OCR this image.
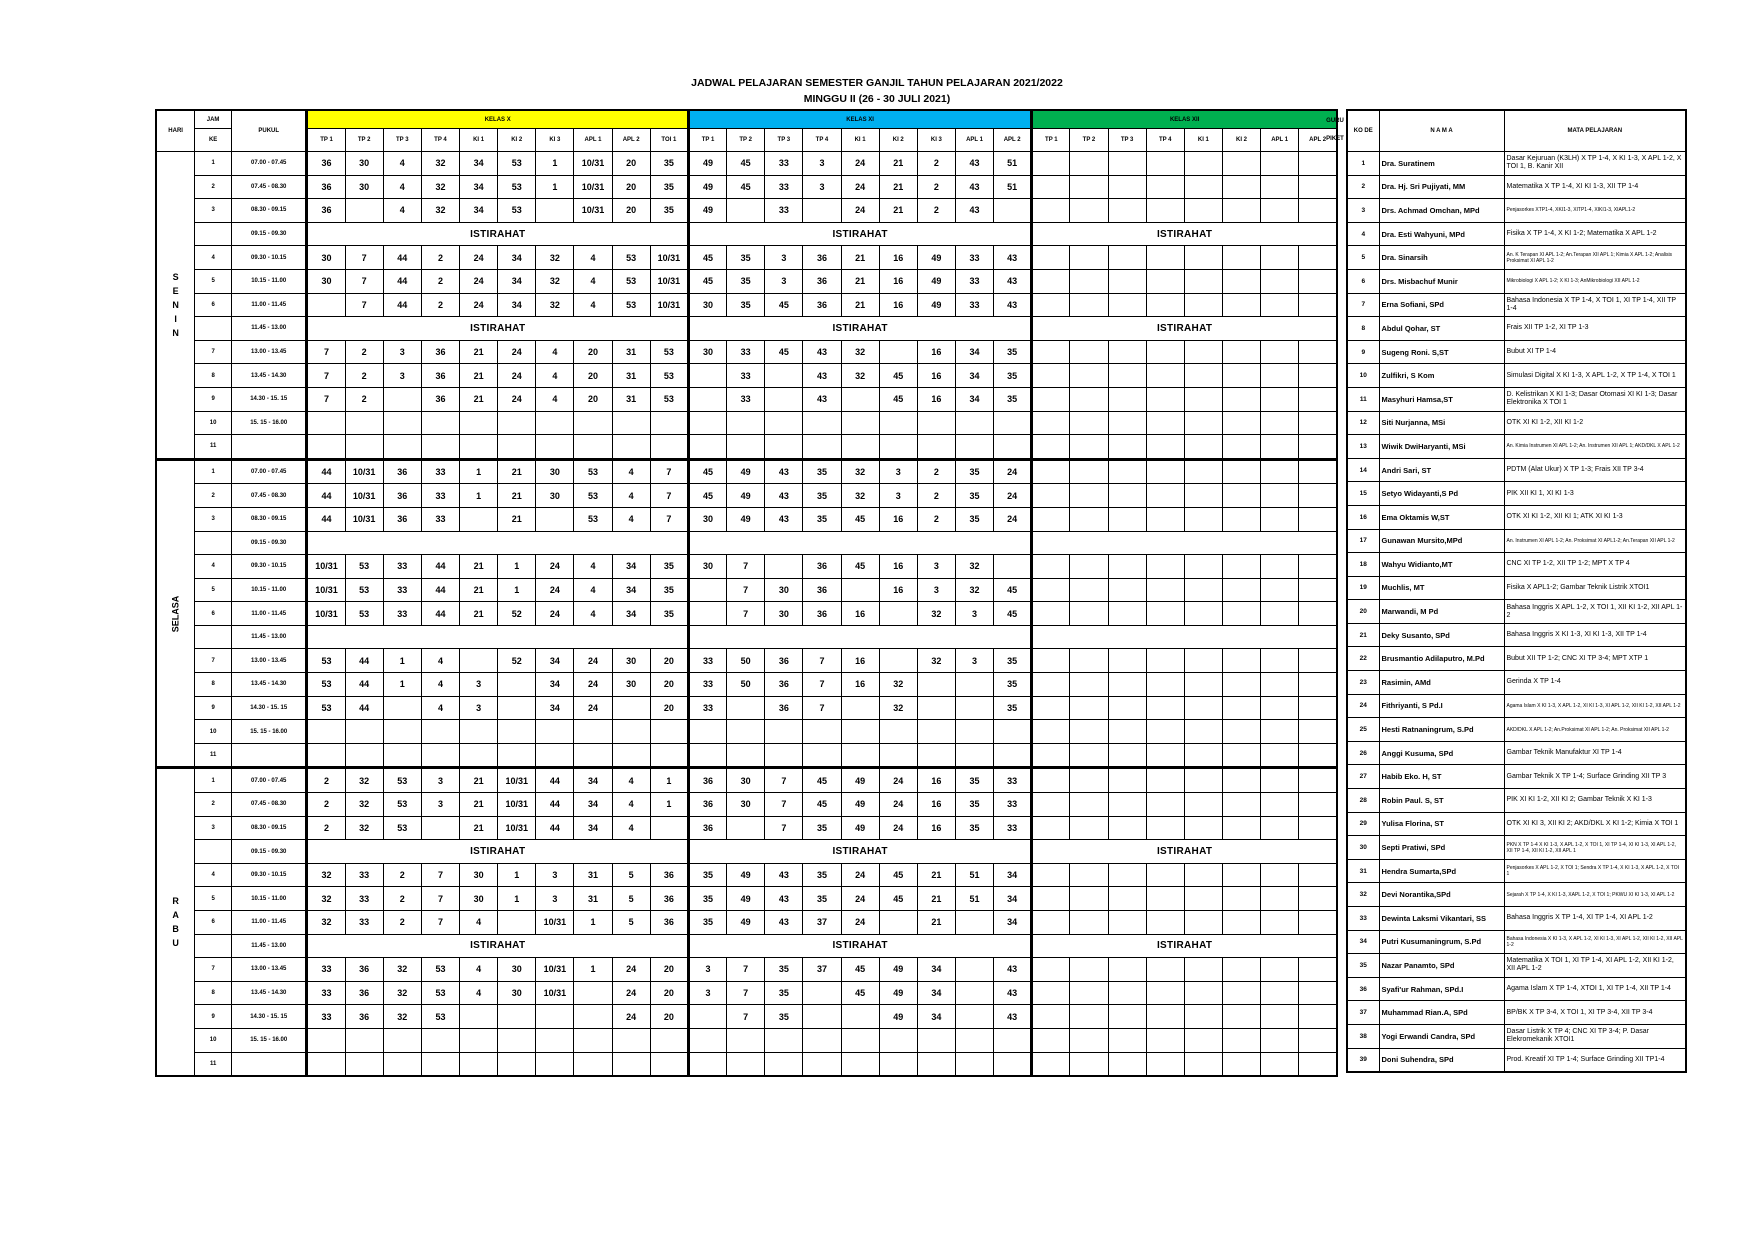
JADWAL PELAJARAN SEMESTER GANJIL TAHUN PELAJARAN 2021/2022
MINGGU II (26 - 30 JULI 2021)
HARI	JAM	PUKUL	KELAS X										KELAS XI									KELAS XII							
	KE		TP 1	TP 2	TP 3	TP 4	KI 1	KI 2	KI 3	APL 1	APL 2	TOI 1	TP 1	TP 2	TP 3	TP 4	KI 1	KI 2	KI 3	APL 1	APL 2	TP 1	TP 2	TP 3	TP 4	KI 1	KI 2	APL 1	APL 2
SENIN	1	07.00 - 07.45	36	30	4	32	34	53	1	10/31	20	35	49	45	33	3	24	21	2	43	51								
	2	07.45 - 08.30	36	30	4	32	34	53	1	10/31	20	35	49	45	33	3	24	21	2	43	51								
	3	08.30 - 09.15	36		4	32	34	53		10/31	20	35	49		33		24	21	2	43									
		09.15 - 09.30	ISTIRAHAT										ISTIRAHAT									ISTIRAHAT							
	4	09.30 - 10.15	30	7	44	2	24	34	32	4	53	10/31	45	35	3	36	21	16	49	33	43								
	5	10.15 - 11.00	30	7	44	2	24	34	32	4	53	10/31	45	35	3	36	21	16	49	33	43								
	6	11.00 - 11.45		7	44	2	24	34	32	4	53	10/31	30	35	45	36	21	16	49	33	43								
		11.45 - 13.00	ISTIRAHAT										ISTIRAHAT									ISTIRAHAT							
	7	13.00 - 13.45	7	2	3	36	21	24	4	20	31	53	30	33	45	43	32		16	34	35								
	8	13.45 - 14.30	7	2	3	36	21	24	4	20	31	53		33		43	32	45	16	34	35								
	9	14.30 - 15. 15	7	2		36	21	24	4	20	31	53		33		43		45	16	34	35								
	10	15. 15 - 16.00																											
	11																												
SELASA	1	07.00 - 07.45	44	10/31	36	33	1	21	30	53	4	7	45	49	43	35	32	3	2	35	24								
	2	07.45 - 08.30	44	10/31	36	33	1	21	30	53	4	7	45	49	43	35	32	3	2	35	24								
	3	08.30 - 09.15	44	10/31	36	33		21		53	4	7	30	49	43	35	45	16	2	35	24								
		09.15 - 09.30																											
	4	09.30 - 10.15	10/31	53	33	44	21	1	24	4	34	35	30	7		36	45	16	3	32									
	5	10.15 - 11.00	10/31	53	33	44	21	1	24	4	34	35		7	30	36		16	3	32	45								
	6	11.00 - 11.45	10/31	53	33	44	21	52	24	4	34	35		7	30	36	16		32	3	45								
		11.45 - 13.00																											
	7	13.00 - 13.45	53	44	1	4		52	34	24	30	20	33	50	36	7	16		32	3	35								
	8	13.45 - 14.30	53	44	1	4	3		34	24	30	20	33	50	36	7	16	32			35								
	9	14.30 - 15. 15	53	44		4	3		34	24		20	33		36	7		32			35								
	10	15. 15 - 16.00																											
	11																												
RABU	1	07.00 - 07.45	2	32	53	3	21	10/31	44	34	4	1	36	30	7	45	49	24	16	35	33								
	2	07.45 - 08.30	2	32	53	3	21	10/31	44	34	4	1	36	30	7	45	49	24	16	35	33								
	3	08.30 - 09.15	2	32	53		21	10/31	44	34	4		36		7	35	49	24	16	35	33								
		09.15 - 09.30	ISTIRAHAT										ISTIRAHAT									ISTIRAHAT							
	4	09.30 - 10.15	32	33	2	7	30	1	3	31	5	36	35	49	43	35	24	45	21	51	34								
	5	10.15 - 11.00	32	33	2	7	30	1	3	31	5	36	35	49	43	35	24	45	21	51	34								
	6	11.00 - 11.45	32	33	2	7	4		10/31	1	5	36	35	49	43	37	24		21		34								
		11.45 - 13.00	ISTIRAHAT										ISTIRAHAT									ISTIRAHAT							
	7	13.00 - 13.45	33	36	32	53	4	30	10/31	1	24	20	3	7	35	37	45	49	34		43								
	8	13.45 - 14.30	33	36	32	53	4	30	10/31		24	20	3	7	35		45	49	34		43								
	9	14.30 - 15. 15	33	36	32	53					24	20		7	35			49	34		43								
	10	15. 15 - 16.00																											
	11																												
KO DE	N A M A	MATA PELAJARAN
1	Dra. Suratinem	Dasar Kejuruan (K3LH) X TP 1-4, X KI 1-3, X APL 1-2, X TOI 1, B. Kanir XII
2	Dra. Hj. Sri Pujiyati, MM	Matematika X TP 1-4, XI KI 1-3, XII TP 1-4
3	Drs. Achmad Omchan, MPd	Penjasorkes XTP1-4, XKI1-3, XITP1-4, XIKI1-3, XIAPL1-2
4	Dra. Esti Wahyuni, MPd	Fisika X TP 1-4, X KI 1-2; Matematika X APL 1-2
5	Dra. Sinarsih	An. K Terapan XI APL 1-2; An.Terapan XII APL 1; Kimia X APL 1-2; Analisis Proksimat XI APL 1-2
6	Drs. Misbachuf Munir	Mikrobiologi X APL 1-2; X KI 1-3; AnMikrobiologi XII APL 1-2
7	Erna Sofiani, SPd	Bahasa Indonesia X TP 1-4, X TOI 1, XI TP 1-4, XII TP 1-4
8	Abdul Qohar, ST	Frais XII TP 1-2, XI TP 1-3
9	Sugeng Roni. S,ST	Bubut XI TP 1-4
10	Zulfikri, S Kom	Simulasi Digital X KI 1-3, X APL 1-2, X TP 1-4, X TOI 1
11	Masyhuri Hamsa,ST	D. Kelistrikan X KI 1-3; Dasar Otomasi XI KI 1-3; Dasar Elektronika X TOI 1
12	Siti Nurjanna, MSi	OTK XI KI 1-2, XII KI 1-2
13	Wiwik DwiHaryanti, MSi	An. Kimia Instrumen XI APL 1-2; An. Instrumen XII APL 1; AKD/DKL X APL 1-2
14	Andri Sari, ST	PDTM (Alat Ukur) X TP 1-3; Frais XII TP 3-4
15	Setyo Widayanti,S Pd	PIK XII KI 1, XI KI 1-3
16	Ema Oktamis W,ST	OTK XI KI 1-2, XII KI 1; ATK XI KI 1-3
17	Gunawan Mursito,MPd	An. Instrumen XI APL 1-2; An. Proksimat XI APL1-2; An.Terapan XII APL 1-2
18	Wahyu Widianto,MT	CNC XI TP 1-2, XII TP 1-2; MPT X TP 4
19	Muchlis, MT	Fisika X APL1-2; Gambar Teknik Listrik XTOI1
20	Marwandi, M Pd	Bahasa Inggris X APL 1-2, X TOI 1, XII KI 1-2, XII APL 1-2
21	Deky Susanto, SPd	Bahasa Inggris X KI 1-3, XI KI 1-3, XII TP 1-4
22	Brusmantio Adilaputro, M.Pd	Bubut XII TP 1-2; CNC XI TP 3-4; MPT XTP 1
23	Rasimin, AMd	Gerinda X TP 1-4
24	Fithriyanti, S Pd.I	Agama Islam X KI 1-3, X APL 1-2, XI KI 1-3, XI APL 1-2, XII KI 1-2, XII APL 1-2
25	Hesti Ratnaningrum, S.Pd	AKD/DKL X APL 1-2; An.Proksimat XI APL 1-2; An. Proksimat XII APL 1-2
26	Anggi Kusuma, SPd	Gambar Teknik Manufaktur XI TP 1-4
27	Habib Eko. H, ST	Gambar Teknik X TP 1-4; Surface Grinding XII TP 3
28	Robin Paul. S, ST	PIK XI KI 1-2, XII KI 2; Gambar Teknik X KI 1-3
29	Yulisa Florina, ST	OTK XI KI 3, XII KI 2; AKD/DKL X KI 1-2; Kimia X TOI 1
30	Septi Pratiwi, SPd	PKN X TP 1-4 X KI 1-3, X APL 1-2, X TOI 1, XI TP 1-4, XI KI 1-3, XI APL 1-2, XII TP 1-4, XII KI 1-2, XII APL 1
31	Hendra Sumarta,SPd	Penjasorkes X APL 1-2, X TOI 1; Sendra X TP 1-4, X KI 1-3, X APL 1-2, X TOI 1
32	Devi Norantika,SPd	Sejarah X TP 1-4, X KI 1-3, XAPL 1-2, X TOI 1; PKWU XI KI 1-3, XI APL 1-2
33	Dewinta Laksmi Vikantari, SS	Bahasa Inggris X TP 1-4, XI TP 1-4, XI APL 1-2
34	Putri Kusumaningrum, S.Pd	Bahasa Indonesia X KI 1-3, X APL 1-2, XI KI 1-3, XI APL 1-2, XII KI 1-2, XII APL 1-2
35	Nazar Panamto, SPd	Matematika X TOI 1, XI TP 1-4, XI APL 1-2, XII KI 1-2, XII APL 1-2
36	Syafi'ur Rahman, SPd.I	Agama Islam X TP 1-4, XTOI 1, XI TP 1-4, XII TP 1-4
37	Muhammad Rian.A, SPd	BP/BK X TP 3-4, X TOI 1, XI TP 3-4, XII TP 3-4
38	Yogi Erwandi Candra, SPd	Dasar Listrik X TP 4; CNC XI TP 3-4; P. Dasar Elekromekanik XTOI1
39	Doni Suhendra, SPd	Prod. Kreatif XI TP 1-4; Surface Grinding XII TP1-4
GURU
PIKET
